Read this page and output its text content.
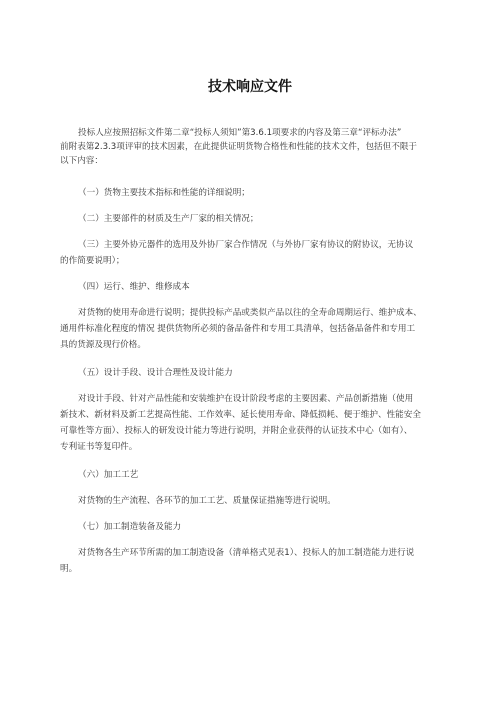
技术响应文件
投标人应按照招标文件第二章“投标人须知”第3.6.1项要求的内容及第三章“评标办法”
前附表第2.3.3项评审的技术因素，在此提供证明货物合格性和性能的技术文件，包括但不限于
以下内容：
（一）货物主要技术指标和性能的详细说明；
（二）主要部件的材质及生产厂家的相关情况；
（三）主要外协元器件的选用及外协厂家合作情况（与外协厂家有协议的附协议，无协议
的作简要说明）；
（四）运行、维护、维修成本
对货物的使用寿命进行说明；提供投标产品或类似产品以往的全寿命周期运行、维护成本、
通用件标准化程度的情况 提供货物所必须的备品备件和专用工具清单，包括备品备件和专用工
具的货源及现行价格。
（五）设计手段、设计合理性及设计能力
对设计手段、针对产品性能和安装维护在设计阶段考虑的主要因素、产品创新措施（使用
新技术、新材料及新工艺提高性能、工作效率、延长使用寿命、降低损耗、便于维护、性能安全
可靠性等方面）、投标人的研发设计能力等进行说明，并附企业获得的认证技术中心（如有）、
专利证书等复印件。
（六）加工工艺
对货物的生产流程、各环节的加工工艺、质量保证措施等进行说明。
（七）加工制造装备及能力
对货物各生产环节所需的加工制造设备（清单格式见表1）、投标人的加工制造能力进行说
明。
